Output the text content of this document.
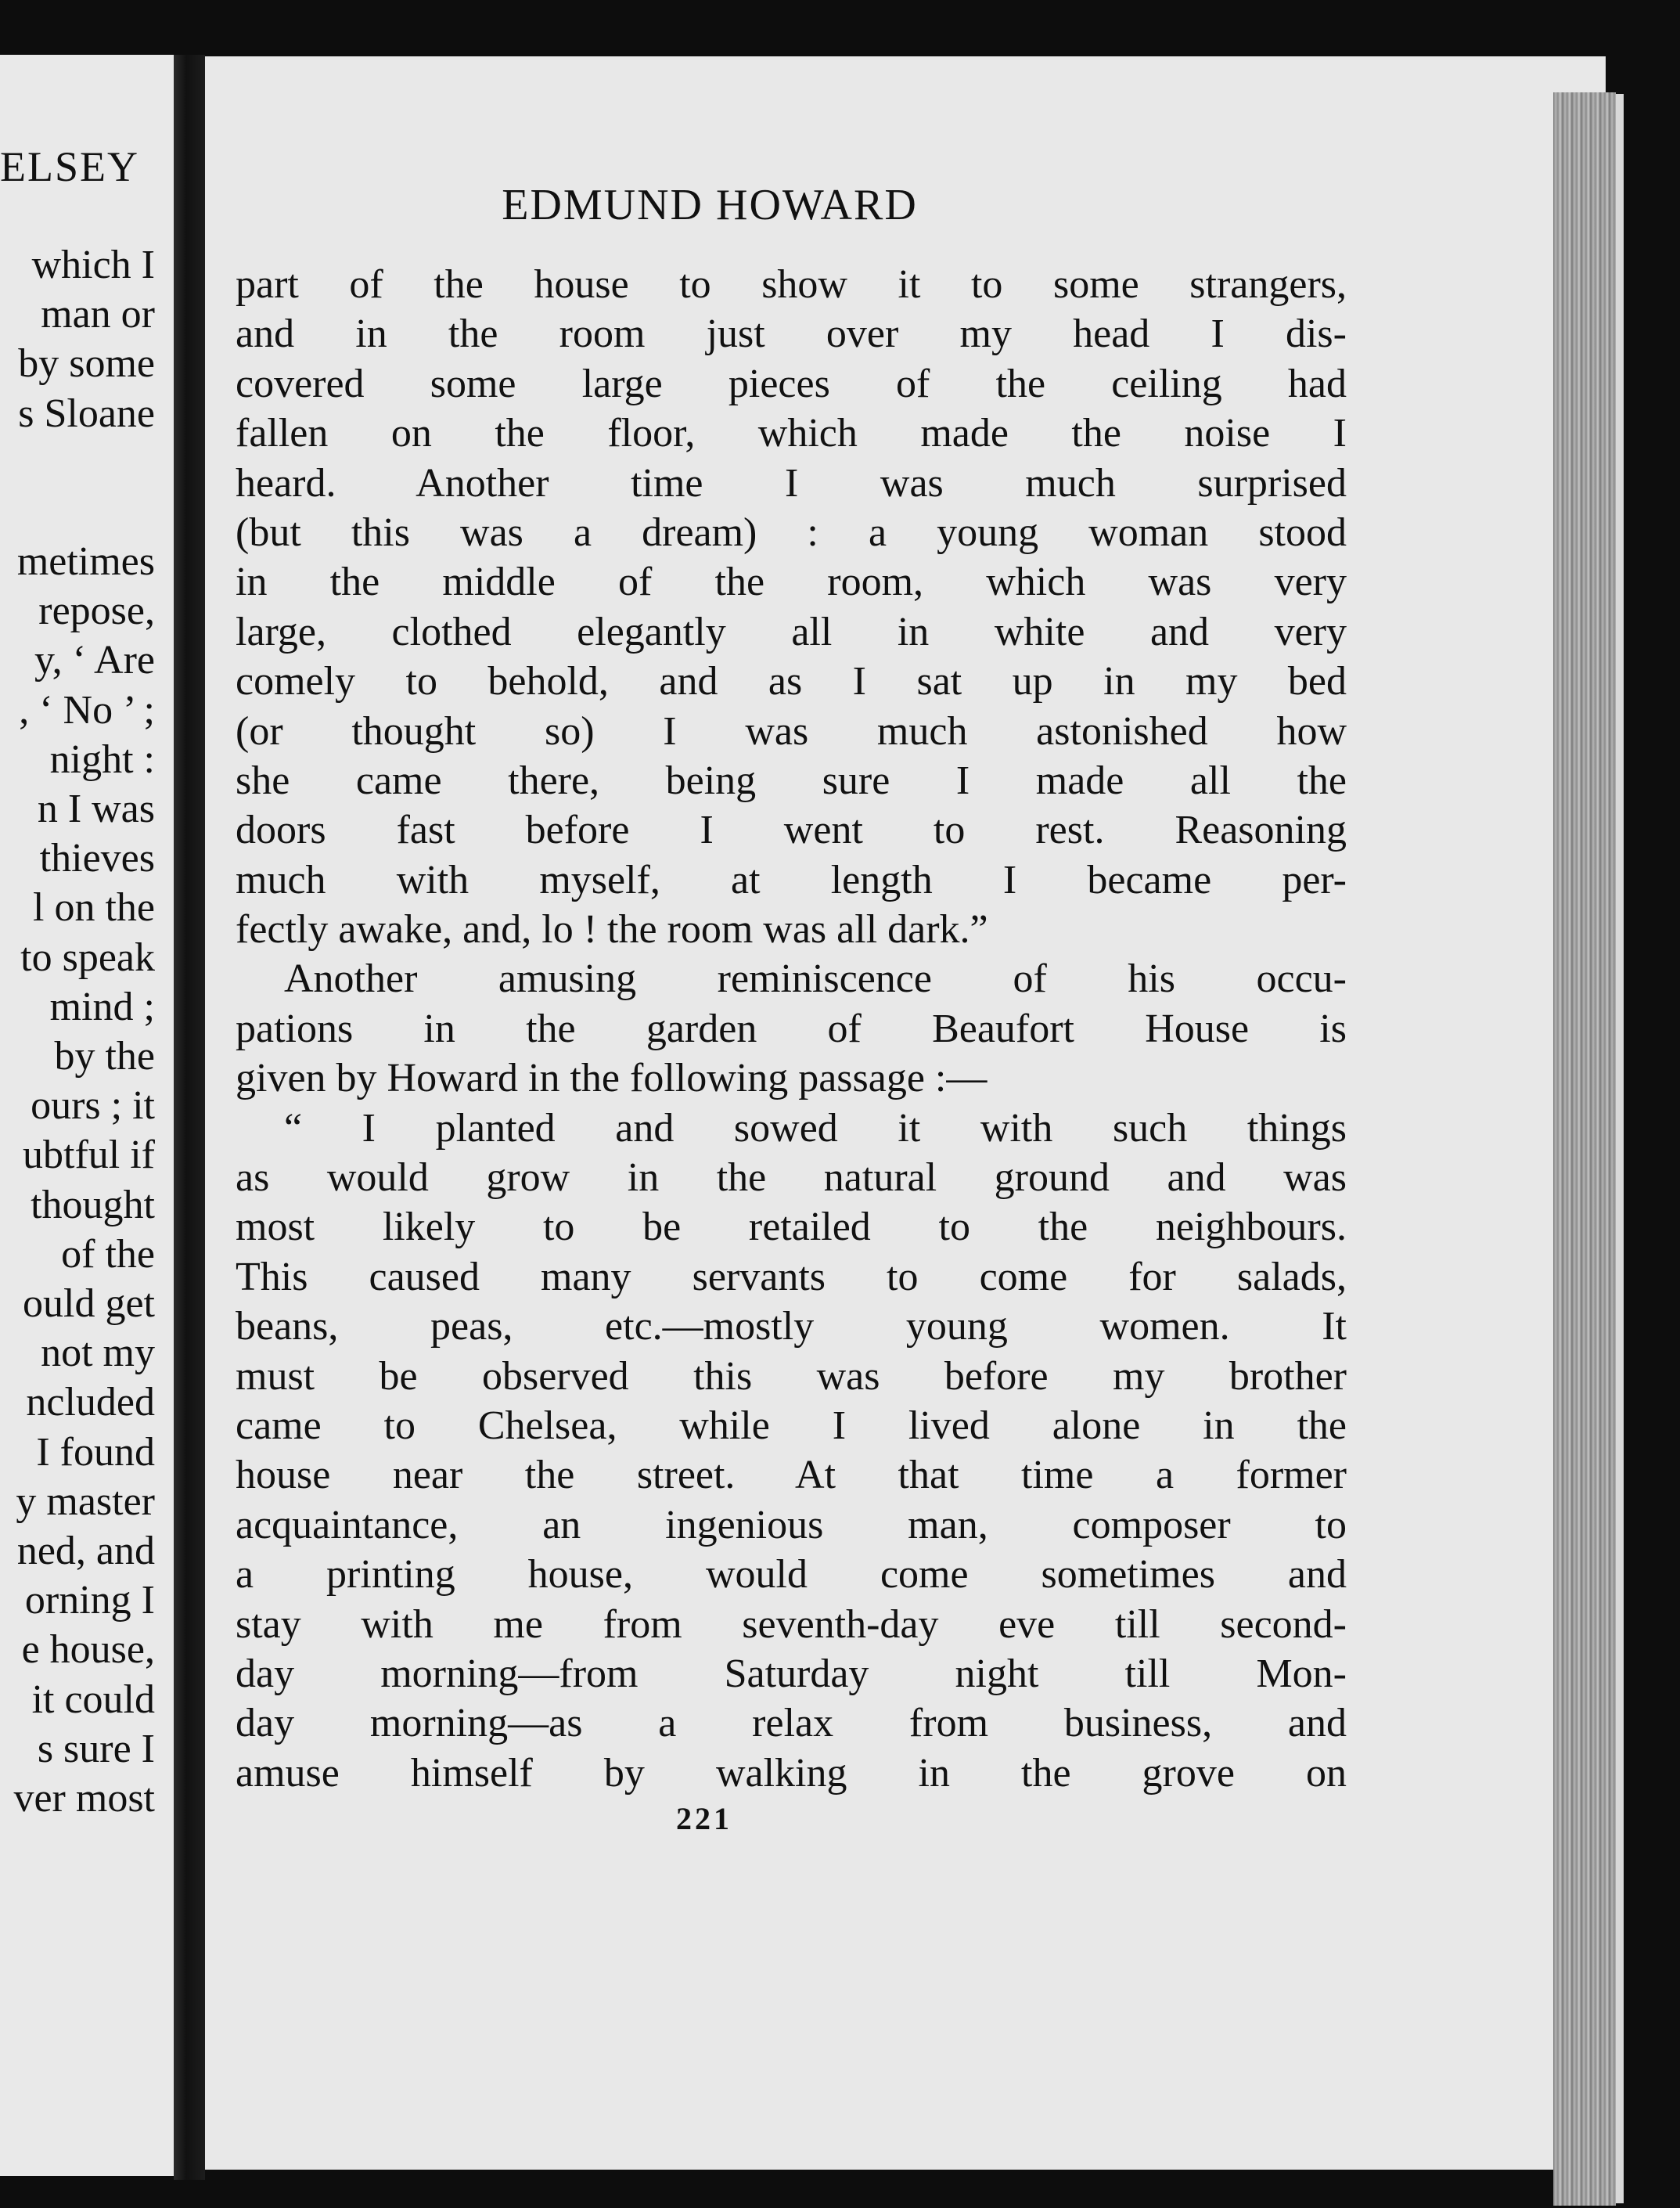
ELSEY
which I
man or
by some
s Sloane
metimes
repose,
y, ‘ Are
, ‘ No ’ ;
night :
n I was
thieves
l on the
to speak
mind ;
by the
ours ; it
ubtful if
thought
of the
ould get
not my
ncluded
I found
y master
ned, and
orning I
e house,
it could
s sure I
ver most
EDMUND HOWARD
part of the house to show it to some strangers,
and in the room just over my head I dis-
covered some large pieces of the ceiling had
fallen on the floor, which made the noise I
heard. Another time I was much surprised
(but this was a dream) : a young woman stood
in the middle of the room, which was very
large, clothed elegantly all in white and very
comely to behold, and as I sat up in my bed
(or thought so) I was much astonished how
she came there, being sure I made all the
doors fast before I went to rest. Reasoning
much with myself, at length I became per-
fectly awake, and, lo ! the room was all dark.”
Another amusing reminiscence of his occu-
pations in the garden of Beaufort House is
given by Howard in the following passage :—
“ I planted and sowed it with such things
as would grow in the natural ground and was
most likely to be retailed to the neighbours.
This caused many servants to come for salads,
beans, peas, etc.—mostly young women. It
must be observed this was before my brother
came to Chelsea, while I lived alone in the
house near the street. At that time a former
acquaintance, an ingenious man, composer to
a printing house, would come sometimes and
stay with me from seventh-day eve till second-
day morning—from Saturday night till Mon-
day morning—as a relax from business, and
amuse himself by walking in the grove on
221
